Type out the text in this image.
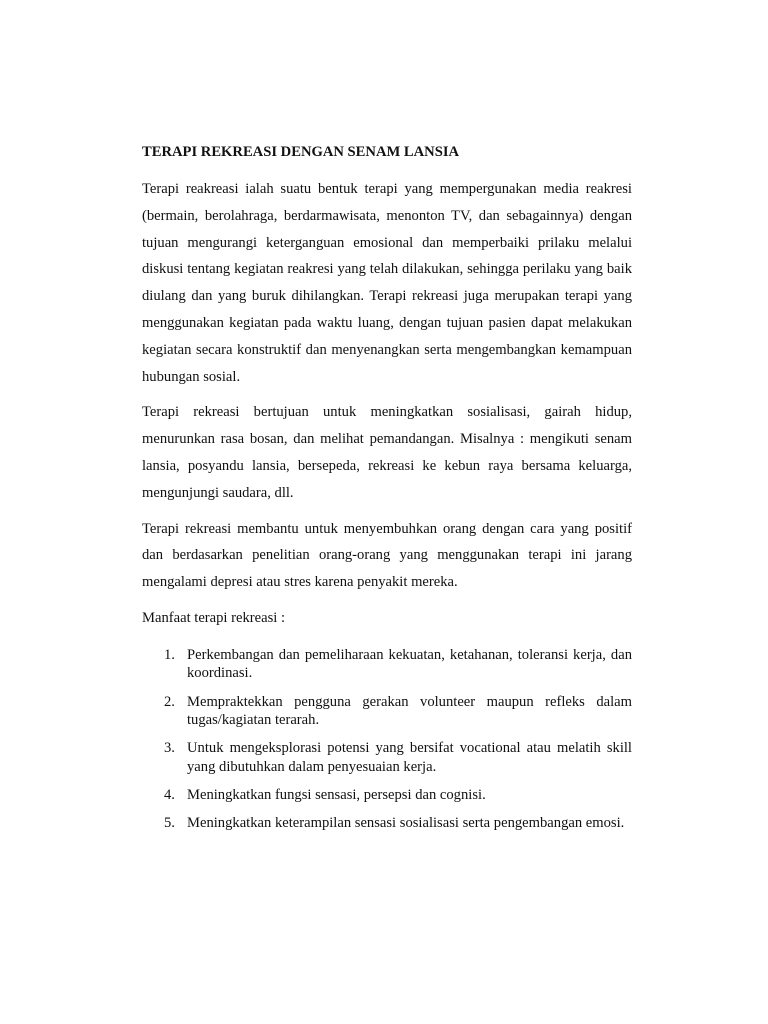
TERAPI REKREASI DENGAN SENAM LANSIA
Terapi reakreasi ialah suatu bentuk terapi yang mempergunakan media reakresi (bermain, berolahraga, berdarmawisata, menonton TV, dan sebagainnya) dengan tujuan mengurangi keterganguan emosional dan memperbaiki prilaku melalui diskusi tentang kegiatan reakresi yang telah dilakukan, sehingga perilaku yang baik diulang dan yang buruk dihilangkan. Terapi rekreasi juga merupakan terapi yang menggunakan kegiatan pada waktu luang, dengan tujuan pasien dapat melakukan kegiatan secara konstruktif dan menyenangkan serta mengembangkan kemampuan hubungan sosial.
Terapi rekreasi bertujuan untuk meningkatkan sosialisasi, gairah hidup, menurunkan rasa bosan, dan melihat pemandangan. Misalnya : mengikuti senam lansia, posyandu lansia, bersepeda, rekreasi ke kebun raya bersama keluarga, mengunjungi saudara, dll.
Terapi rekreasi membantu untuk menyembuhkan orang dengan cara yang positif dan berdasarkan penelitian orang-orang yang menggunakan terapi ini jarang mengalami depresi atau stres karena penyakit mereka.
Manfaat terapi rekreasi :
1. Perkembangan dan pemeliharaan kekuatan, ketahanan, toleransi kerja, dan koordinasi.
2. Mempraktekkan pengguna gerakan volunteer maupun refleks dalam tugas/kagiatan terarah.
3. Untuk mengeksplorasi potensi yang bersifat vocational atau melatih skill yang dibutuhkan dalam penyesuaian kerja.
4. Meningkatkan fungsi sensasi, persepsi dan cognisi.
5. Meningkatkan keterampilan sensasi sosialisasi serta pengembangan emosi.
